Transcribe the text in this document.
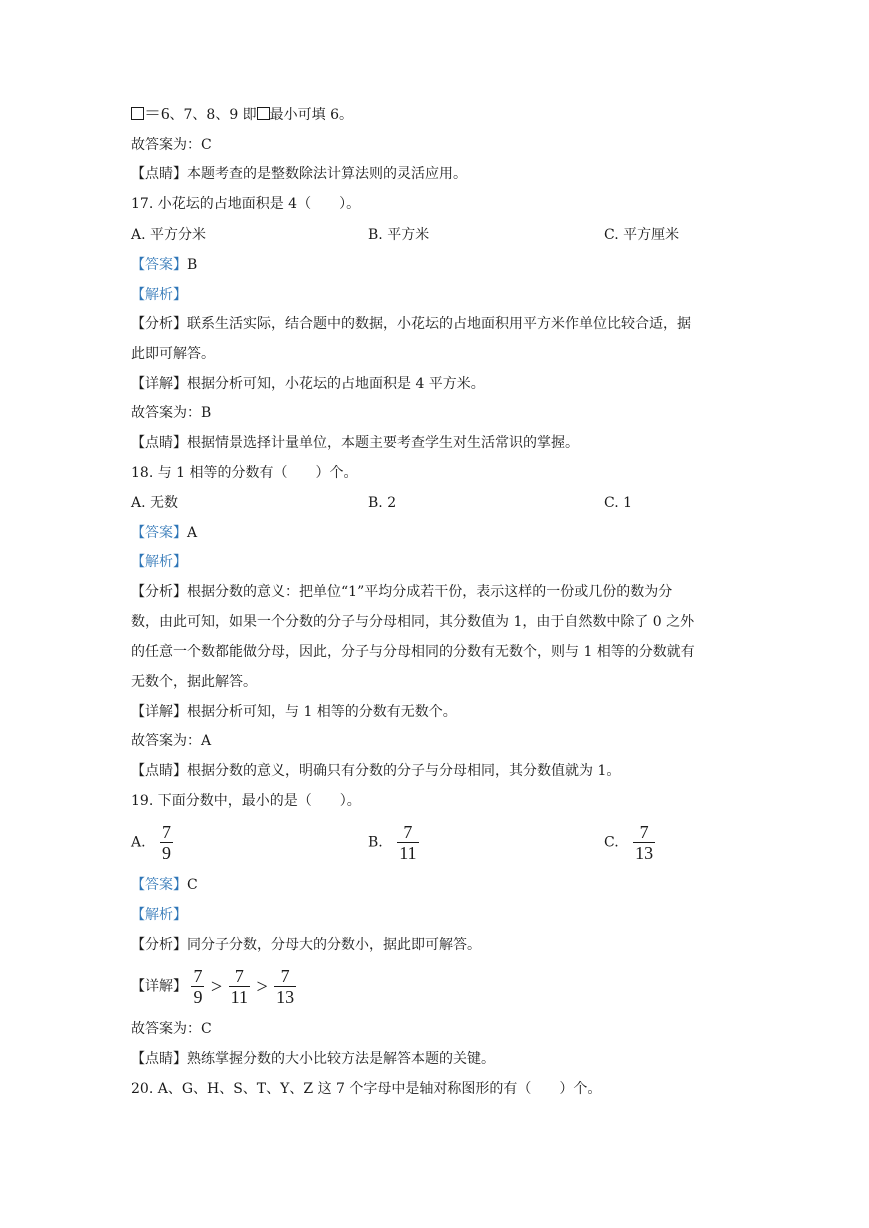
＝6、7、8、9 即 最小可填 6。
故答案为：C
【点睛】本题考查的是整数除法计算法则的灵活应用。
17. 小花坛的占地面积是 4（　　）。
A. 平方分米	B. 平方米	C. 平方厘米
【答案】B
【解析】
【分析】联系生活实际，结合题中的数据，小花坛的占地面积用平方米作单位比较合适，据
此即可解答。
【详解】根据分析可知，小花坛的占地面积是 4 平方米。
故答案为：B
【点睛】根据情景选择计量单位，本题主要考查学生对生活常识的掌握。
18. 与 1 相等的分数有（　　）个。
A. 无数	B. 2	C. 1
【答案】A
【解析】
【分析】根据分数的意义：把单位“1”平均分成若干份，表示这样的一份或几份的数为分
数，由此可知，如果一个分数的分子与分母相同，其分数值为 1，由于自然数中除了 0 之外
的任意一个数都能做分母，因此，分子与分母相同的分数有无数个，则与 1 相等的分数就有
无数个，据此解答。
【详解】根据分析可知，与 1 相等的分数有无数个。
故答案为：A
【点睛】根据分数的意义，明确只有分数的分子与分母相同，其分数值就为 1。
19. 下面分数中，最小的是（　　）。
A. $\frac{7}{9}$	B. $\frac{7}{11}$	C. $\frac{7}{13}$
【答案】C
【解析】
【分析】同分子分数，分母大的分数小，据此即可解答。
【详解】 $\frac{7}{9} > \frac{7}{11} > \frac{7}{13}$
故答案为：C
【点睛】熟练掌握分数的大小比较方法是解答本题的关键。
20. A、G、H、S、T、Y、Z 这 7 个字母中是轴对称图形的有（　　）个。
